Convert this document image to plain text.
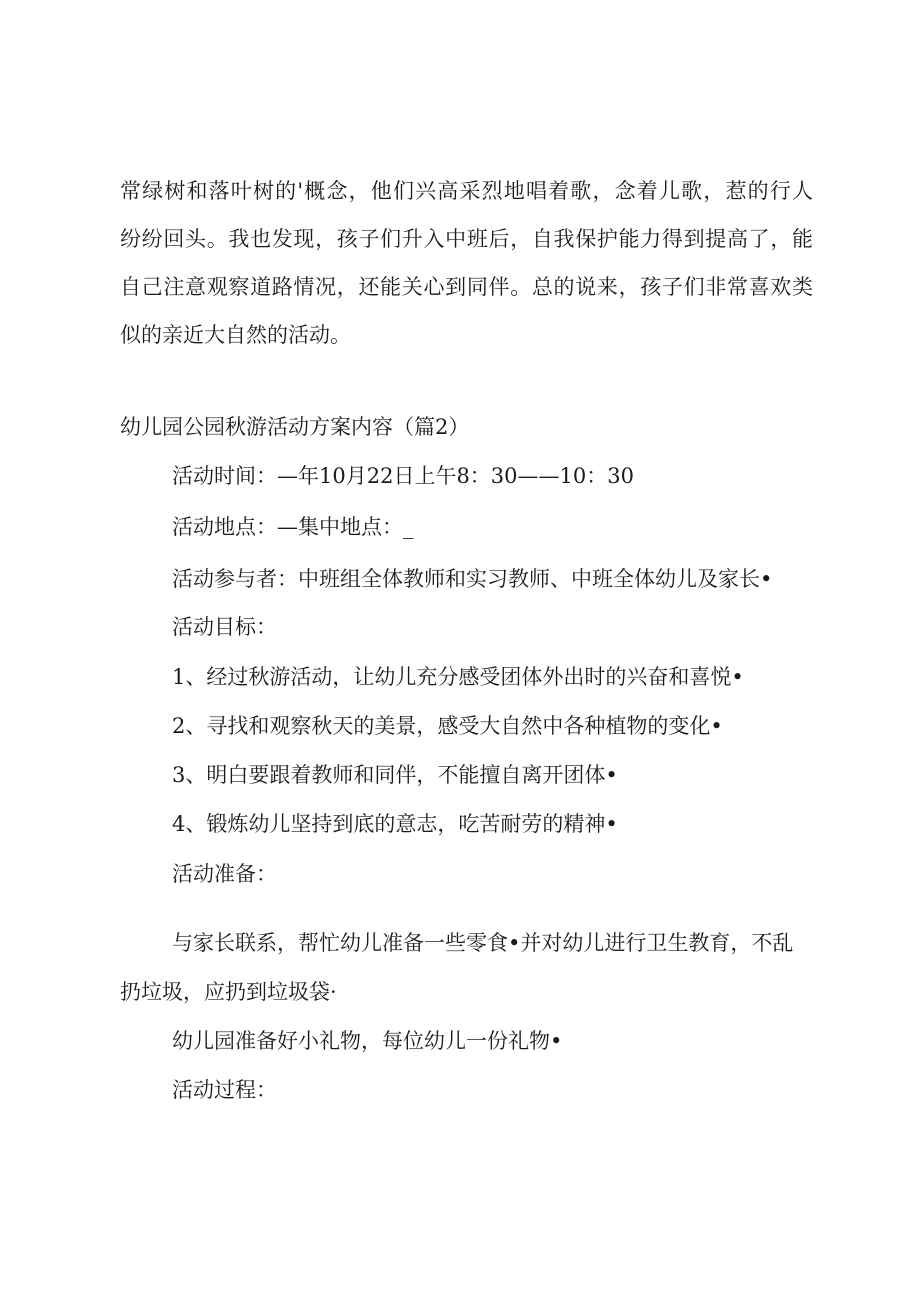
常绿树和落叶树的'概念，他们兴高采烈地唱着歌，念着儿歌，惹的行人
纷纷回头。我也发现，孩子们升入中班后，自我保护能力得到提高了，能
自己注意观察道路情况，还能关心到同伴。总的说来，孩子们非常喜欢类
似的亲近大自然的活动。
幼儿园公园秋游活动方案内容（篇2）
活动时间：—年10月22日上午8：30——10：30
活动地点：—集中地点：_
活动参与者：中班组全体教师和实习教师、中班全体幼儿及家长•
活动目标：
1、经过秋游活动，让幼儿充分感受团体外出时的兴奋和喜悦•
2、寻找和观察秋天的美景，感受大自然中各种植物的变化•
3、明白要跟着教师和同伴，不能擅自离开团体•
4、锻炼幼儿坚持到底的意志，吃苦耐劳的精神•
活动准备：
与家长联系，帮忙幼儿准备一些零食•并对幼儿进行卫生教育，不乱
扔垃圾，应扔到垃圾袋·
幼儿园准备好小礼物，每位幼儿一份礼物•
活动过程：
